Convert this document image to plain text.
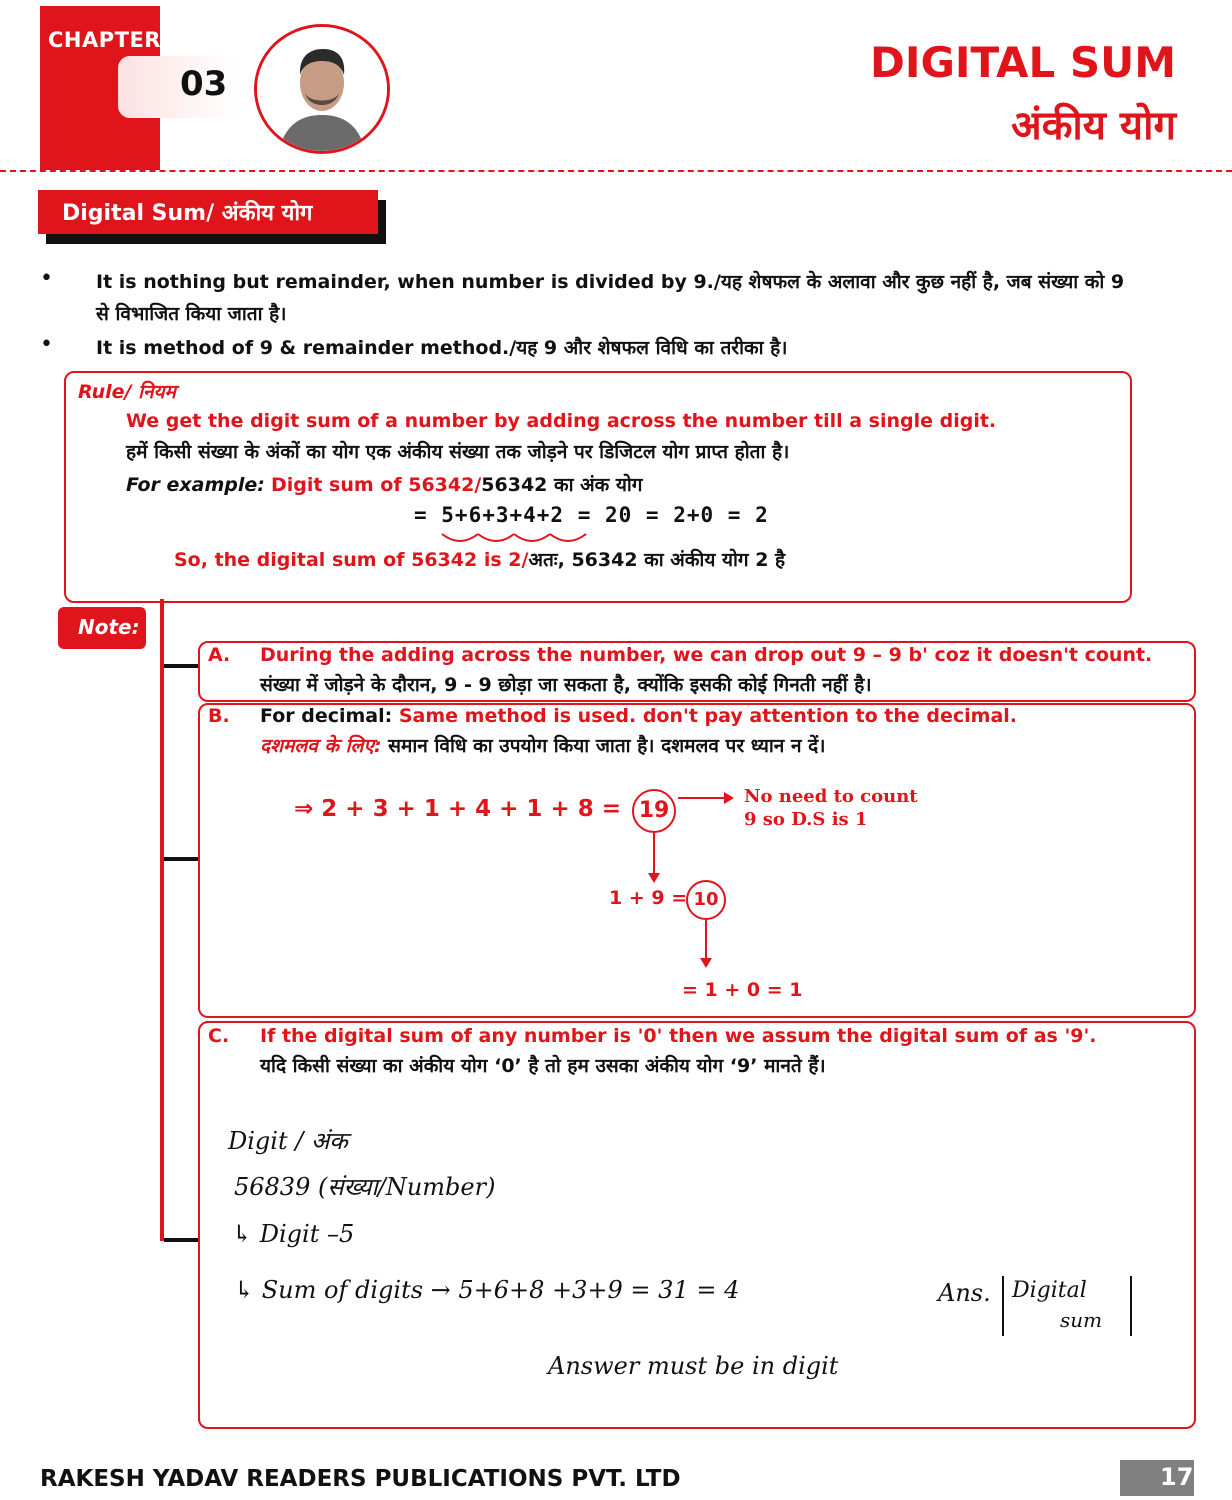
CHAPTER
03	DIGITAL SUM
अंकीय योग
Digital Sum/ अंकीय योग
• It is nothing but remainder, when number is divided by 9./यह शेषफल के अलावा और कुछ नहीं है, जब संख्या को 9
से विभाजित किया जाता है।
• It is method of 9 & remainder method./यह 9 और शेषफल विधि का तरीका है।
Rule/ नियम
We get the digit sum of a number by adding across the number till a single digit.
हमें किसी संख्या के अंकों का योग एक अंकीय संख्या तक जोड़ने पर डिजिटल योग प्राप्त होता है।
For example: Digit sum of 56342/56342 का अंक योग
= 5+6+3+4+2 = 20 = 2+0 = 2
So, the digital sum of 56342 is 2/अतः, 56342 का अंकीय योग 2 है
Note:
A. During the adding across the number, we can drop out 9 – 9 b' coz it doesn't count.
संख्या में जोड़ने के दौरान, 9 - 9 छोड़ा जा सकता है, क्योंकि इसकी कोई गिनती नहीं है।
B. For decimal: Same method is used. don't pay attention to the decimal.
दशमलव के लिए: समान विधि का उपयोग किया जाता है। दशमलव पर ध्यान न दें।
⇒ 2 + 3 + 1 + 4 + 1 + 8 = 19
No need to count
9 so D.S is 1
1 + 9 = 10
= 1 + 0 = 1
C. If the digital sum of any number is '0' then we assum the digital sum of as '9'.
यदि किसी संख्या का अंकीय योग ‘0’ है तो हम उसका अंकीय योग ‘9’ मानते हैं।
Digit / अंक
56839 (संख्या/Number)
↳ Digit –5
↳ Sum of digits → 5+6+8 +3+9 = 31 = 4	Ans. Digital
sum
Answer must be in digit
RAKESH YADAV READERS PUBLICATIONS PVT. LTD	17
